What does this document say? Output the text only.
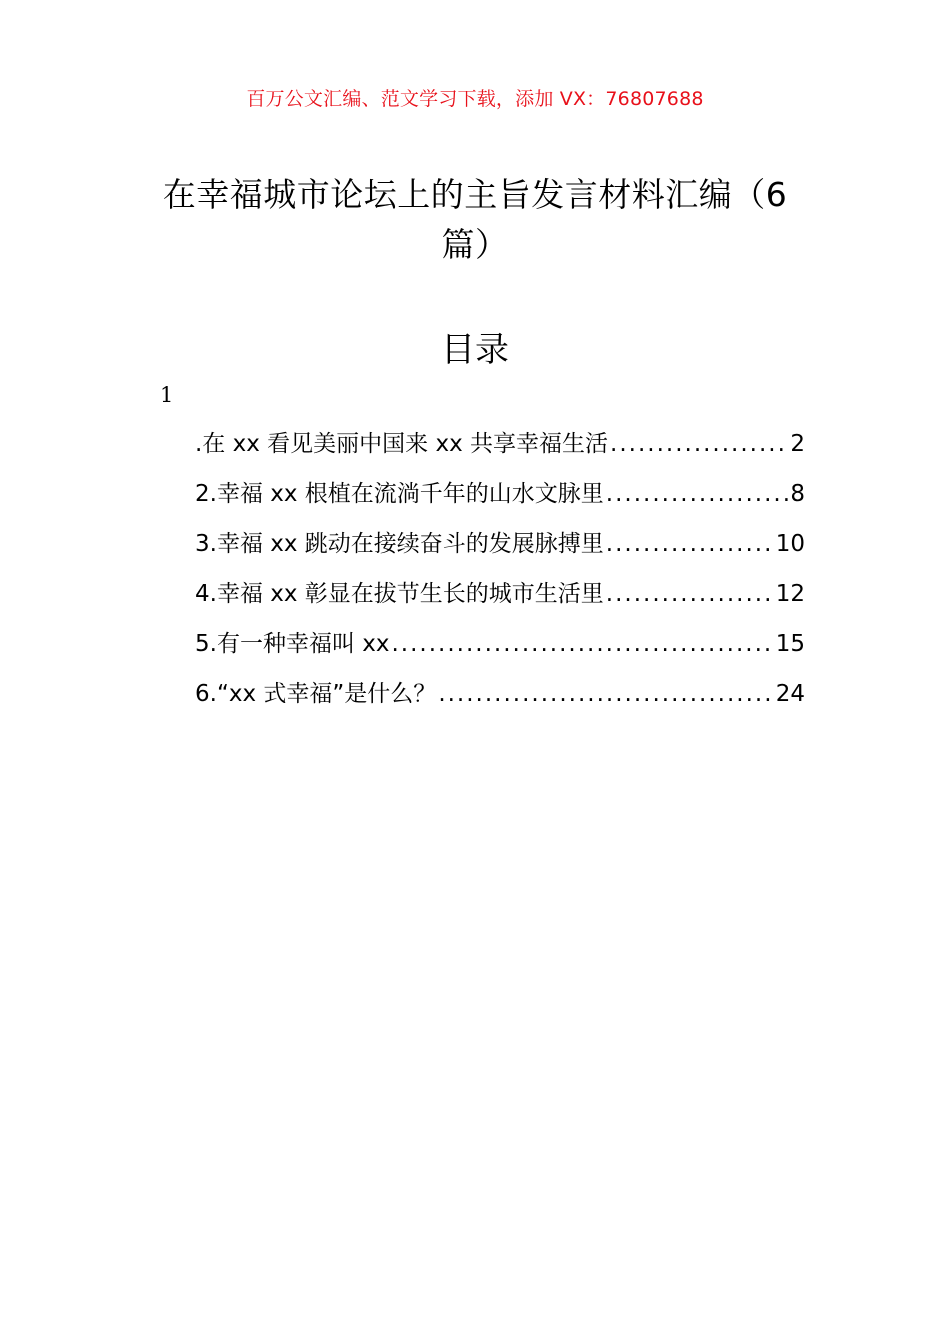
百万公文汇编、范文学习下载，添加 VX：76807688
在幸福城市论坛上的主旨发言材料汇编（6篇）
目录
1
.在 xx 看见美丽中国来 xx 共享幸福生活 .....	2
2.幸福 xx 根植在流淌千年的山水文脉里 .....	8
3.幸福 xx 跳动在接续奋斗的发展脉搏里 .....	10
4.幸福 xx 彰显在拔节生长的城市生活里 .....	12
5.有一种幸福叫 xx .....	15
6.“xx 式幸福”是什么？ .....	24
